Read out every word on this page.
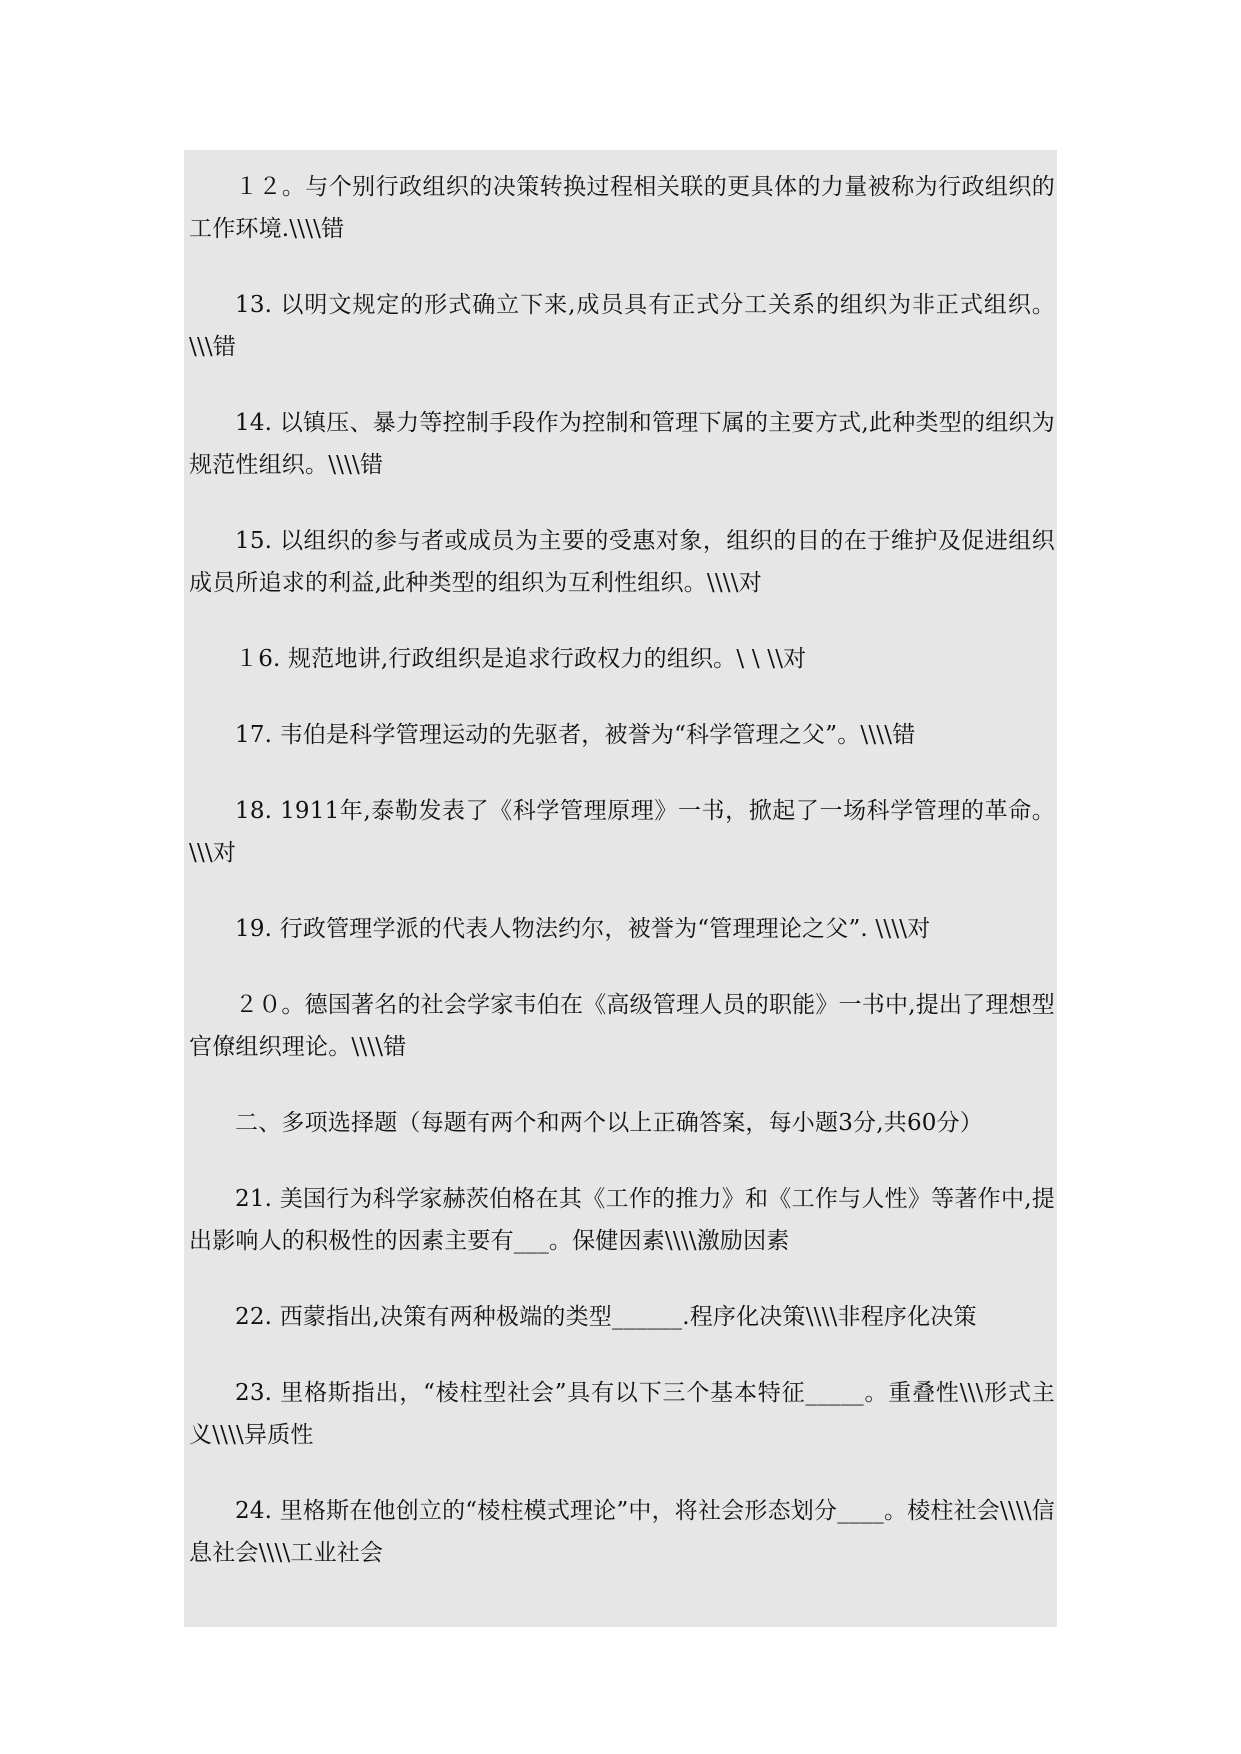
１２。与个别行政组织的决策转换过程相关联的更具体的力量被称为行政组织的工作环境.\\\\错

13. 以明文规定的形式确立下来,成员具有正式分工关系的组织为非正式组织。\\\错

14. 以镇压、暴力等控制手段作为控制和管理下属的主要方式,此种类型的组织为规范性组织。\\\\错

15. 以组织的参与者或成员为主要的受惠对象，组织的目的在于维护及促进组织成员所追求的利益,此种类型的组织为互利性组织。\\\\对

１6. 规范地讲,行政组织是追求行政权力的组织。\ \ \\对

17. 韦伯是科学管理运动的先驱者，被誉为“科学管理之父”。\\\\错

18. 1911年,泰勒发表了《科学管理原理》一书，掀起了一场科学管理的革命。\\\对

19. 行政管理学派的代表人物法约尔，被誉为“管理理论之父”. \\\\对

２０。德国著名的社会学家韦伯在《高级管理人员的职能》一书中,提出了理想型官僚组织理论。\\\\错

二、多项选择题（每题有两个和两个以上正确答案，每小题3分,共60分）

21. 美国行为科学家赫茨伯格在其《工作的推力》和《工作与人性》等著作中,提出影响人的积极性的因素主要有___。保健因素\\\\激励因素

22. 西蒙指出,决策有两种极端的类型______.程序化决策\\\\非程序化决策

23. 里格斯指出，“棱柱型社会”具有以下三个基本特征_____。重叠性\\\形式主义\\\\异质性

24. 里格斯在他创立的“棱柱模式理论”中，将社会形态划分____。棱柱社会\\\\信息社会\\\\工业社会
